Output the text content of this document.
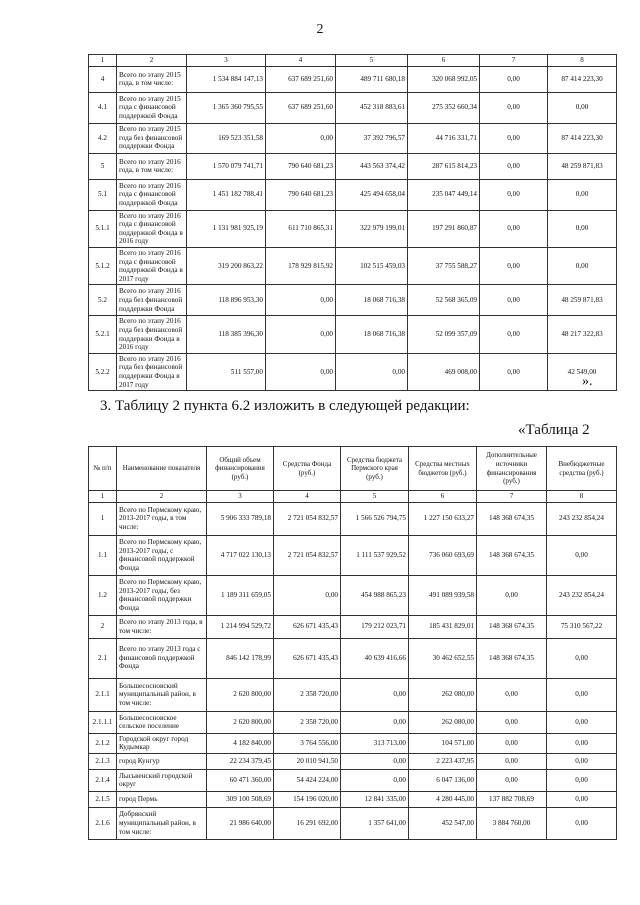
2
1	2	3	4	5	6	7	8
4	Всего по этапу 2015 года, в том числе:	1 534 884 147,13	637 689 251,60	489 711 680,18	320 068 992,05	0,00	87 414 223,30
4.1	Всего по этапу 2015 года с финансовой поддержкой Фонда	1 365 360 795,55	637 689 251,60	452 318 883,61	275 352 660,34	0,00	0,00
4.2	Всего по этапу 2015 года без финансовой поддержки Фонда	169 523 351,58	0,00	37 392 796,57	44 716 331,71	0,00	87 414 223,30
5	Всего по этапу 2016 года, в том числе:	1 570 079 741,71	790 640 681,23	443 563 374,42	287 615 814,23	0,00	48 259 871,83
5.1	Всего по этапу 2016 года с финансовой поддержкой Фонда	1 451 182 788,41	790 640 681,23	425 494 658,04	235 047 449,14	0,00	0,00
5.1.1	Всего по этапу 2016 года с финансовой поддержкой Фонда в 2016 году	1 131 981 925,19	611 710 865,31	322 979 199,01	197 291 860,87	0,00	0,00
5.1.2	Всего по этапу 2016 года с финансовой поддержкой Фонда в 2017 году	319 200 863,22	178 929 815,92	102 515 459,03	37 755 588,27	0,00	0,00
5.2	Всего по этапу 2016 года без финансовой поддержки Фонда	118 896 953,30	0,00	18 068 716,38	52 568 365,09	0,00	48 259 871,83
5.2.1	Всего по этапу 2016 года без финансовой поддержки Фонда в 2016 году	118 385 396,30	0,00	18 068 716,38	52 099 357,09	0,00	48 217 322,83
5.2.2	Всего по этапу 2016 года без финансовой поддержки Фонда в 2017 году	511 557,00	0,00	0,00	469 008,00	0,00	42 549,00
».
3. Таблицу 2 пункта 6.2 изложить в следующей редакции:
«Таблица 2
№ п/п	Наименование показателя	Общий объем финансирования (руб.)	Средства Фонда (руб.)	Средства бюджета Пермского края (руб.)	Средства местных бюджетов (руб.)	Дополнительные источники финансирования (руб.)	Внебюджетные средства (руб.)
1	2	3	4	5	6	7	8
1	Всего по Пермскому краю, 2013-2017 годы, в том числе:	5 906 333 789,18	2 721 054 832,57	1 566 526 794,75	1 227 150 633,27	148 368 674,35	243 232 854,24
1.1	Всего по Пермскому краю, 2013-2017 годы, с финансовой поддержкой Фонда	4 717 022 130,13	2 721 054 832,57	1 111 537 929,52	736 060 693,69	148 368 674,35	0,00
1.2	Всего по Пермскому краю, 2013-2017 годы, без финансовой поддержки Фонда	1 189 311 659,05	0,00	454 988 865,23	491 089 939,58	0,00	243 232 854,24
2	Всего по этапу 2013 года, в том числе:	1 214 994 529,72	626 671 435,43	179 212 023,71	185 431 829,01	148 368 674,35	75 310 567,22
2.1	Всего по этапу 2013 года с финансовой поддержкой Фонда	846 142 178,99	626 671 435,43	40 639 416,66	30 462 652,55	148 368 674,35	0,00
2.1.1	Большесосновский муниципальный район, в том числе:	2 620 800,00	2 358 720,00	0,00	262 080,00	0,00	0,00
2.1.1.1	Большесосновское сельское поселение	2 620 800,00	2 358 720,00	0,00	262 080,00	0,00	0,00
2.1.2	Городской округ город Кудымкар	4 182 840,00	3 764 556,00	313 713,00	104 571,00	0,00	0,00
2.1.3	город Кунгур	22 234 379,45	20 010 941,50	0,00	2 223 437,95	0,00	0,00
2.1.4	Лысьвенский городской округ	60 471 360,00	54 424 224,00	0,00	6 047 136,00	0,00	0,00
2.1.5	город Пермь	309 100 508,69	154 196 020,00	12 841 335,00	4 280 445,00	137 882 708,69	0,00
2.1.6	Добрянский муниципальный район, в том числе:	21 986 640,00	16 291 692,00	1 357 641,00	452 547,00	3 884 760,00	0,00
